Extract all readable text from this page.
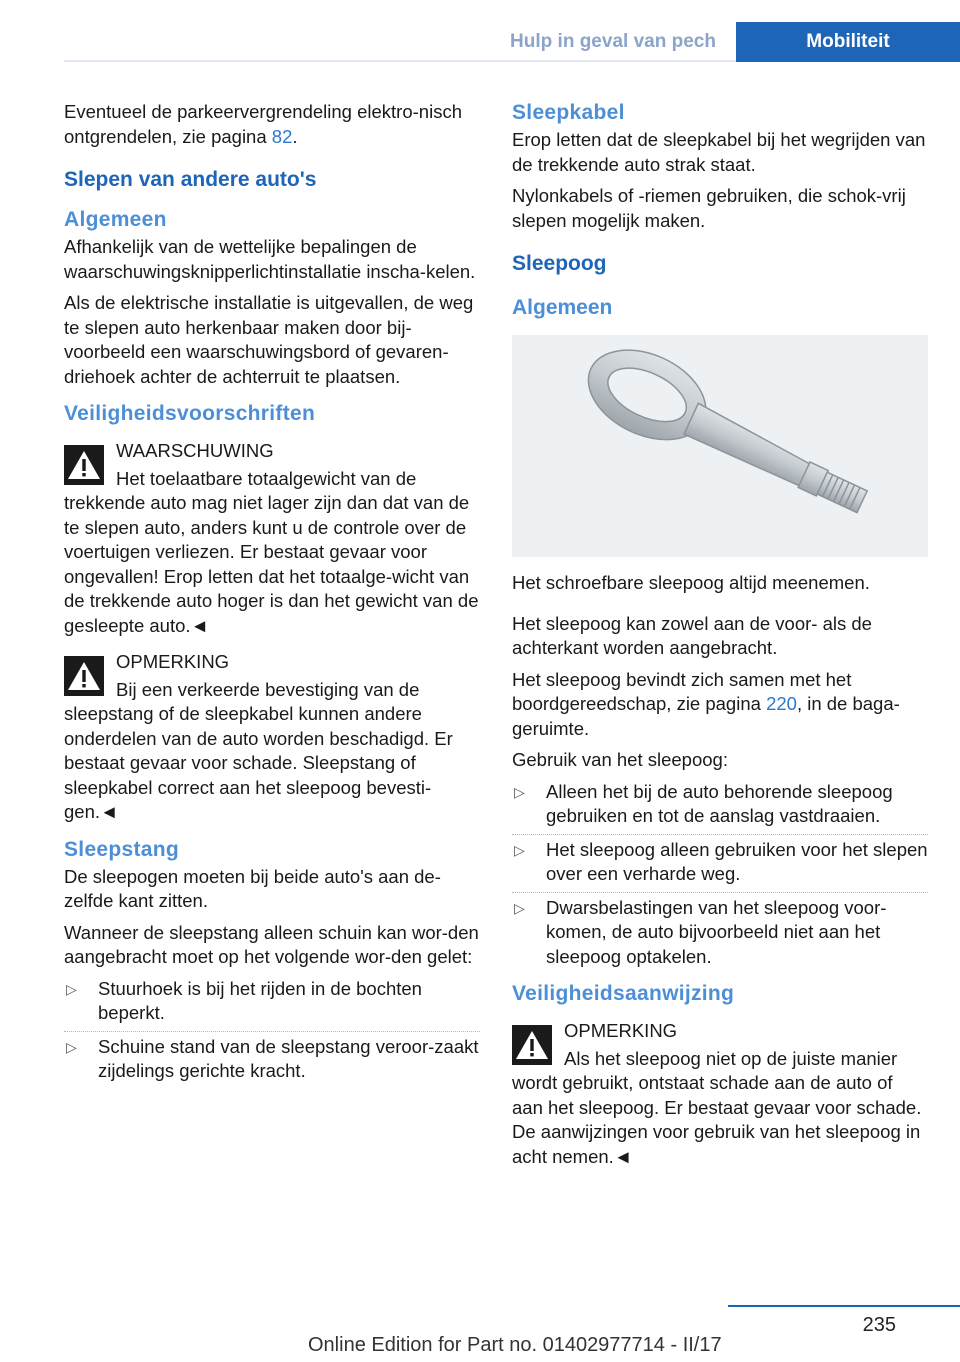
Hulp in geval van pech	Mobiliteit

Eventueel de parkeervergrendeling elektro-nisch ontgrendelen, zie pagina 82.

Slepen van andere auto's
Algemeen

Afhankelijk van de wettelijke bepalingen de waarschuwingsknipperlichtinstallatie inscha-kelen.

Als de elektrische installatie is uitgevallen, de weg te slepen auto herkenbaar maken door bij-voorbeeld een waarschuwingsbord of gevaren-driehoek achter de achterruit te plaatsen.

Veiligheidsvoorschriften
WAARSCHUWING
Het toelaatbare totaalgewicht van de trekkende auto mag niet lager zijn dan dat van de te slepen auto, anders kunt u de controle over de voertuigen verliezen. Er bestaat gevaar voor ongevallen! Erop letten dat het totaalge-wicht van de trekkende auto hoger is dan het gewicht van de gesleepte auto.◄
OPMERKING
Bij een verkeerde bevestiging van de sleepstang of de sleepkabel kunnen andere onderdelen van de auto worden beschadigd. Er bestaat gevaar voor schade. Sleepstang of sleepkabel correct aan het sleepoog bevesti-gen.◄
Sleepstang

De sleepogen moeten bij beide auto's aan de-zelfde kant zitten.

Wanneer de sleepstang alleen schuin kan wor-den aangebracht moet op het volgende wor-den gelet:

▷ Stuurhoek is bij het rijden in de bochten beperkt.
▷ Schuine stand van de sleepstang veroor-zaakt zijdelings gerichte kracht.
Sleepkabel

Erop letten dat de sleepkabel bij het wegrijden van de trekkende auto strak staat.

Nylonkabels of -riemen gebruiken, die schok-vrij slepen mogelijk maken.

Sleepoog
Algemeen

Het schroefbare sleepoog altijd meenemen.

Het sleepoog kan zowel aan de voor- als de achterkant worden aangebracht.

Het sleepoog bevindt zich samen met het boordgereedschap, zie pagina 220, in de baga-geruimte.

Gebruik van het sleepoog:

▷ Alleen het bij de auto behorende sleepoog gebruiken en tot de aanslag vastdraaien.
▷ Het sleepoog alleen gebruiken voor het slepen over een verharde weg.
▷ Dwarsbelastingen van het sleepoog voor-komen, de auto bijvoorbeeld niet aan het sleepoog optakelen.
Veiligheidsaanwijzing
OPMERKING
Als het sleepoog niet op de juiste manier wordt gebruikt, ontstaat schade aan de auto of aan het sleepoog. Er bestaat gevaar voor schade. De aanwijzingen voor gebruik van het sleepoog in acht nemen.◄
235
Online Edition for Part no. 01402977714 - II/17
